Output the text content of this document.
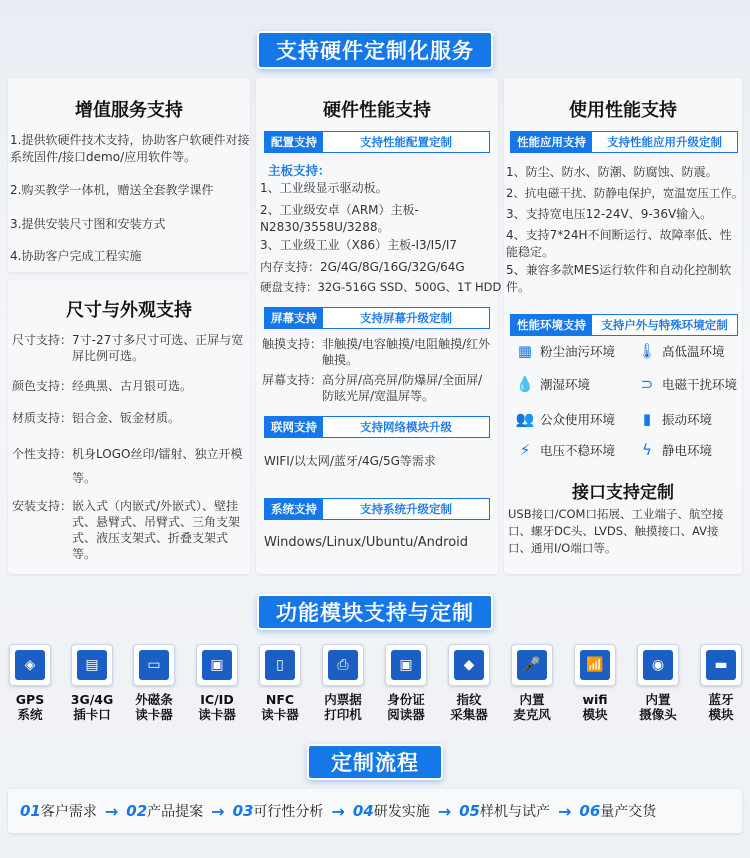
支持硬件定制化服务
增值服务支持
1.提供软硬件技术支持，协助客户软硬件对接系统固件/接口demo/应用软件等。
2.购买教学一体机，赠送全套教学课件
3.提供安装尺寸图和安装方式
4.协助客户完成工程实施
尺寸与外观支持
尺寸支持： 7寸-27寸多尺寸可选、正屏与宽屏比例可选。
颜色支持： 经典黑、古月银可选。
材质支持： 铝合金、钣金材质。
个性支持： 机身LOGO丝印/镭射、独立开模等。
安装支持： 嵌入式（内嵌式/外嵌式）、壁挂式、悬臂式、吊臂式、三角支架式、液压支架式、折叠支架式等。
硬件性能支持
配置支持	支持性能配置定制
主板支持：
1、工业级显示驱动板。
2、工业级安卓（ARM）主板-N2830/3558U/3288。
3、工业级工业（X86）主板-I3/I5/I7
内存支持：2G/4G/8G/16G/32G/64G
硬盘支持：32G-516G SSD、500G、1T HDD
屏幕支持	支持屏幕升级定制
触摸支持： 非触摸/电容触摸/电阻触摸/红外触摸。
屏幕支持： 高分屏/高亮屏/防爆屏/全面屏/防眩光屏/宽温屏等。
联网支持	支持网络模块升级
WIFI/以太网/蓝牙/4G/5G等需求
系统支持	支持系统升级定制
Windows/Linux/Ubuntu/Android
使用性能支持
性能应用支持	支持性能应用升级定制
1、防尘、防水、防潮、防腐蚀、防震。
2、抗电磁干扰、防静电保护，宽温宽压工作。
3、支持宽电压12-24V、9-36V输入。
4、支持7*24H不间断运行、故障率低、性能稳定。
5、兼容多款MES运行软件和自动化控制软件。
性能环境支持	支持户外与特殊环境定制
▦ 粉尘油污环境 🌡 高低温环境
💧 潮湿环境	⊃ 电磁干扰环境
👥 公众使用环境	▮ 振动环境
⚡ 电压不稳环境 ϟ 静电环境
接口支持定制
USB接口/COM口拓展、工业端子、航空接口、螺牙DC头、LVDS、触摸接口、AV接口、通用I/O端口等。
功能模块支持与定制
◈
GPS
系统
▤
3G/4G
插卡口
▭
外磁条
读卡器
▣
IC/ID
读卡器
▯
NFC
读卡器
⎙
内票据
打印机
▣
身份证
阅读器
◆
指纹
采集器
🎤
内置
麦克风
📶
wifi
模块
◉
内置
摄像头
▬
蓝牙
模块
定制流程
01客户需求 → 02产品提案 → 03可行性分析 → 04研发实施 → 05样机与试产 → 06量产交货
